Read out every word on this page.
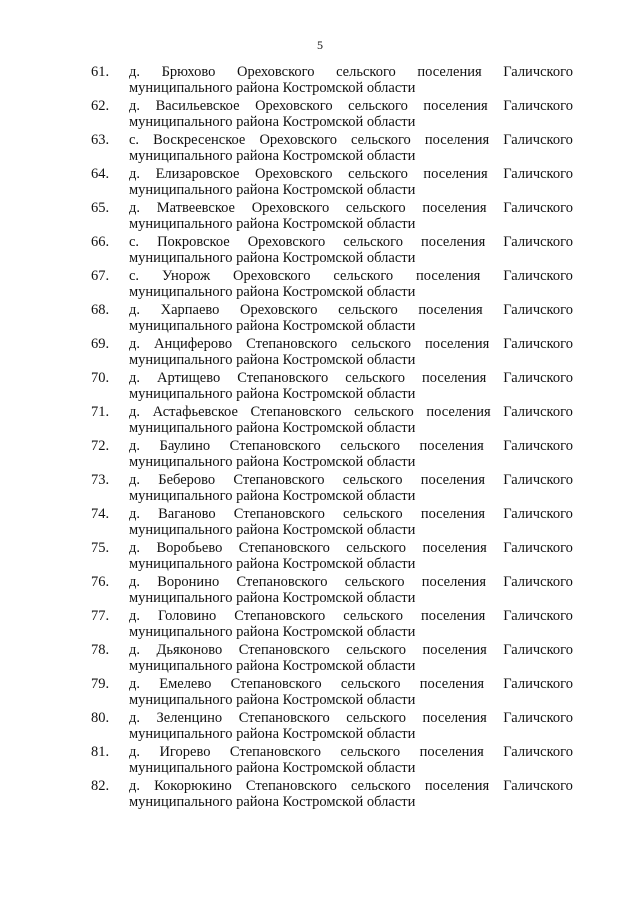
5
61.	д. Брюхово Ореховского сельского поселения Галичского
муниципального района Костромской области
62.	д. Васильевское Ореховского сельского поселения Галичского
муниципального района Костромской области
63.	с. Воскресенское Ореховского сельского поселения Галичского
муниципального района Костромской области
64.	д. Елизаровское Ореховского сельского поселения Галичского
муниципального района Костромской области
65.	д. Матвеевское Ореховского сельского поселения Галичского
муниципального района Костромской области
66.	с. Покровское Ореховского сельского поселения Галичского
муниципального района Костромской области
67.	с. Унорож Ореховского сельского поселения Галичского
муниципального района Костромской области
68.	д. Харпаево Ореховского сельского поселения Галичского
муниципального района Костромской области
69.	д. Анциферово Степановского сельского поселения Галичского
муниципального района Костромской области
70.	д. Артищево Степановского сельского поселения Галичского
муниципального района Костромской области
71.	д. Астафьевское Степановского сельского поселения Галичского
муниципального района Костромской области
72.	д. Баулино Степановского сельского поселения Галичского
муниципального района Костромской области
73.	д. Беберово Степановского сельского поселения Галичского
муниципального района Костромской области
74.	д. Ваганово Степановского сельского поселения Галичского
муниципального района Костромской области
75.	д. Воробьево Степановского сельского поселения Галичского
муниципального района Костромской области
76.	д. Воронино Степановского сельского поселения Галичского
муниципального района Костромской области
77.	д. Головино Степановского сельского поселения Галичского
муниципального района Костромской области
78.	д. Дьяконово Степановского сельского поселения Галичского
муниципального района Костромской области
79.	д. Емелево Степановского сельского поселения Галичского
муниципального района Костромской области
80.	д. Зеленцино Степановского сельского поселения Галичского
муниципального района Костромской области
81.	д. Игорево Степановского сельского поселения Галичского
муниципального района Костромской области
82.	д. Кокорюкино Степановского сельского поселения Галичского
муниципального района Костромской области
